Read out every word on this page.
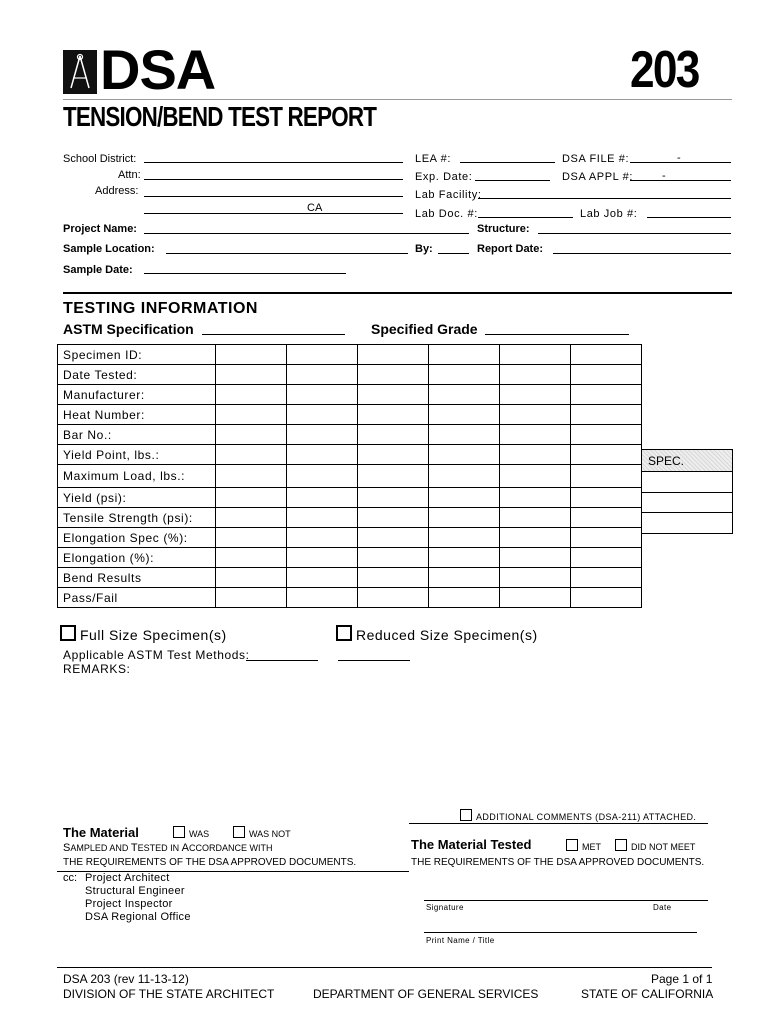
DSA	203
TENSION/BEND TEST REPORT
School District:
Attn:
Address:
CA
Project Name:
Sample Location:
Sample Date:
LEA #:	DSA FILE #:	-
Exp. Date:	DSA APPL #:	-
Lab Facility:
Lab Doc. #:	Lab Job #:
Structure:
By:	Report Date:
TESTING INFORMATION
ASTM Specification	Specified Grade
Specimen ID:						
Date Tested:						
Manufacturer:						
Heat Number:						
Bar No.:						
Yield Point, lbs.:						
Maximum Load, lbs.:						
Yield (psi):						
Tensile Strength (psi):						
Elongation Spec (%):						
Elongation (%):						
Bend Results						
Pass/Fail						
SPEC.
Full Size Specimen(s)	Reduced Size Specimen(s)
Applicable ASTM Test Methods:
REMARKS:
ADDITIONAL COMMENTS (DSA-211) ATTACHED.
The Material	WAS	WAS NOT
SAMPLED AND TESTED IN ACCORDANCE WITH
THE REQUIREMENTS OF THE DSA APPROVED DOCUMENTS.
The Material Tested	MET	DID NOT MEET
THE REQUIREMENTS OF THE DSA APPROVED DOCUMENTS.
cc: Project Architect
Structural Engineer
Project Inspector
DSA Regional Office
Signature	Date
Print Name / Title
DSA 203 (rev 11-13-12)
DIVISION OF THE STATE ARCHITECT	DEPARTMENT OF GENERAL SERVICES
Page 1 of 1
STATE OF CALIFORNIA
